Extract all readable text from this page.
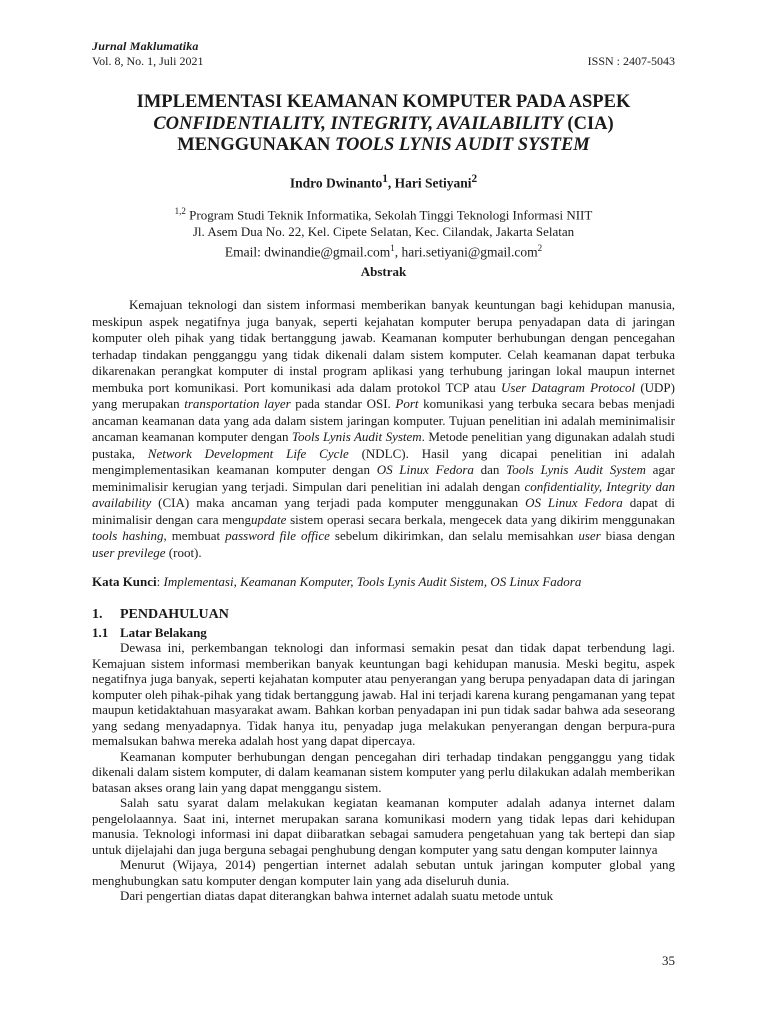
Jurnal Maklumatika
Vol. 8, No. 1, Juli 2021	ISSN : 2407-5043
IMPLEMENTASI KEAMANAN KOMPUTER PADA ASPEK
CONFIDENTIALITY, INTEGRITY, AVAILABILITY (CIA)
MENGGUNAKAN TOOLS LYNIS AUDIT SYSTEM
Indro Dwinanto$^1$, Hari Setiyani$^2$
$^{1,2}$ Program Studi Teknik Informatika, Sekolah Tinggi Teknologi Informasi NIIT
Jl. Asem Dua No. 22, Kel. Cipete Selatan, Kec. Cilandak, Jakarta Selatan
Email: dwinandie@gmail.com$^1$, hari.setiyani@gmail.com$^2$
Abstrak
Kemajuan teknologi dan sistem informasi memberikan banyak keuntungan bagi kehidupan manusia, meskipun aspek negatifnya juga banyak, seperti kejahatan komputer berupa penyadapan data di jaringan komputer oleh pihak yang tidak bertanggung jawab. Keamanan komputer berhubungan dengan pencegahan terhadap tindakan pengganggu yang tidak dikenali dalam sistem komputer. Celah keamanan dapat terbuka dikarenakan perangkat komputer di instal program aplikasi yang terhubung jaringan lokal maupun internet membuka port komunikasi. Port komunikasi ada dalam protokol TCP atau User Datagram Protocol (UDP) yang merupakan transportation layer pada standar OSI. Port komunikasi yang terbuka secara bebas menjadi ancaman keamanan data yang ada dalam sistem jaringan komputer. Tujuan penelitian ini adalah meminimalisir ancaman keamanan komputer dengan Tools Lynis Audit System. Metode penelitian yang digunakan adalah studi pustaka, Network Development Life Cycle (NDLC). Hasil yang dicapai penelitian ini adalah mengimplementasikan keamanan komputer dengan OS Linux Fedora dan Tools Lynis Audit System agar meminimalisir kerugian yang terjadi. Simpulan dari penelitian ini adalah dengan confidentiality, Integrity dan availability (CIA) maka ancaman yang terjadi pada komputer menggunakan OS Linux Fedora dapat di minimalisir dengan cara mengupdate sistem operasi secara berkala, mengecek data yang dikirim menggunakan tools hashing, membuat password file office sebelum dikirimkan, dan selalu memisahkan user biasa dengan user previlege (root).
Kata Kunci: Implementasi, Keamanan Komputer, Tools Lynis Audit Sistem, OS Linux Fadora
1. PENDAHULUAN
1.1 Latar Belakang

Dewasa ini, perkembangan teknologi dan informasi semakin pesat dan tidak dapat terbendung lagi. Kemajuan sistem informasi memberikan banyak keuntungan bagi kehidupan manusia. Meski begitu, aspek negatifnya juga banyak, seperti kejahatan komputer atau penyerangan yang berupa penyadapan data di jaringan komputer oleh pihak-pihak yang tidak bertanggung jawab. Hal ini terjadi karena kurang pengamanan yang tepat maupun ketidaktahuan masyarakat awam. Bahkan korban penyadapan ini pun tidak sadar bahwa ada seseorang yang sedang menyadapnya. Tidak hanya itu, penyadap juga melakukan penyerangan dengan berpura-pura memalsukan bahwa mereka adalah host yang dapat dipercaya.

Keamanan komputer berhubungan dengan pencegahan diri terhadap tindakan pengganggu yang tidak dikenali dalam sistem komputer, di dalam keamanan sistem komputer yang perlu dilakukan adalah memberikan batasan akses orang lain yang dapat menggangu sistem.

Salah satu syarat dalam melakukan kegiatan keamanan komputer adalah adanya internet dalam pengelolaannya. Saat ini, internet merupakan sarana komunikasi modern yang tidak lepas dari kehidupan manusia. Teknologi informasi ini dapat diibaratkan sebagai samudera pengetahuan yang tak bertepi dan siap untuk dijelajahi dan juga berguna sebagai penghubung dengan komputer yang satu dengan komputer lainnya

Menurut (Wijaya, 2014) pengertian internet adalah sebutan untuk jaringan komputer global yang menghubungkan satu komputer dengan komputer lain yang ada diseluruh dunia.

Dari pengertian diatas dapat diterangkan bahwa internet adalah suatu metode untuk

35
